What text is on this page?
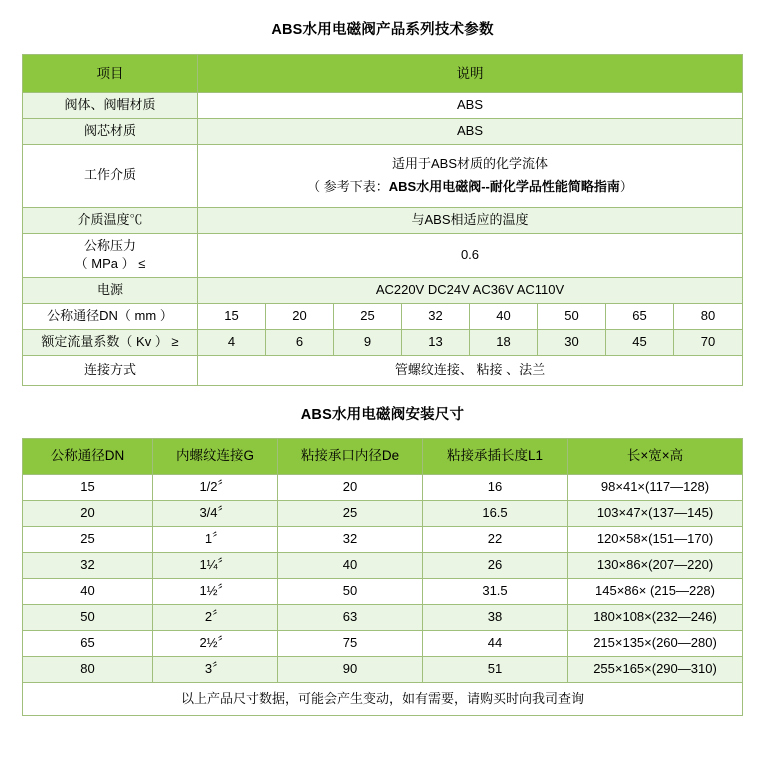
ABS水用电磁阀产品系列技术参数
项目	说明							
阀体、阀帽材质	ABS							
阀芯材质	ABS							
工作介质	适用于ABS材质的化学流体
（ 参考下表：ABS水用电磁阀--耐化学品性能简略指南）							

介质温度℃	与ABS相适应的温度							

公称压力
（ MPa ） ≤	0.6							
电源	AC220V DC24V AC36V AC110V							
公称通径DN（ mm ）	15	20	25	32	40	50	65	80
额定流量系数（ Kv ） ≥	4	6	9	13	18	30	45	70
连接方式	管螺纹连接、 粘接 、法兰							
ABS水用电磁阀安装尺寸
公称通径DN	内螺纹连接G	粘接承口内径De	粘接承插长度L1	长×宽×高
15	1/2〞	20	16	98×41×(117—128)
20	3/4〞	25	16.5	103×47×(137—145)
25	1〞	32	22	120×58×(151—170)
32	1¼〞	40	26	130×86×(207—220)
40	1½〞	50	31.5	145×86× (215—228)
50	2〞	63	38	180×108×(232—246)
65	2½〞	75	44	215×135×(260—280)
80	3〞	90	51	255×165×(290—310)
以上产品尺寸数据，可能会产生变动，如有需要，请购买时向我司查询				
